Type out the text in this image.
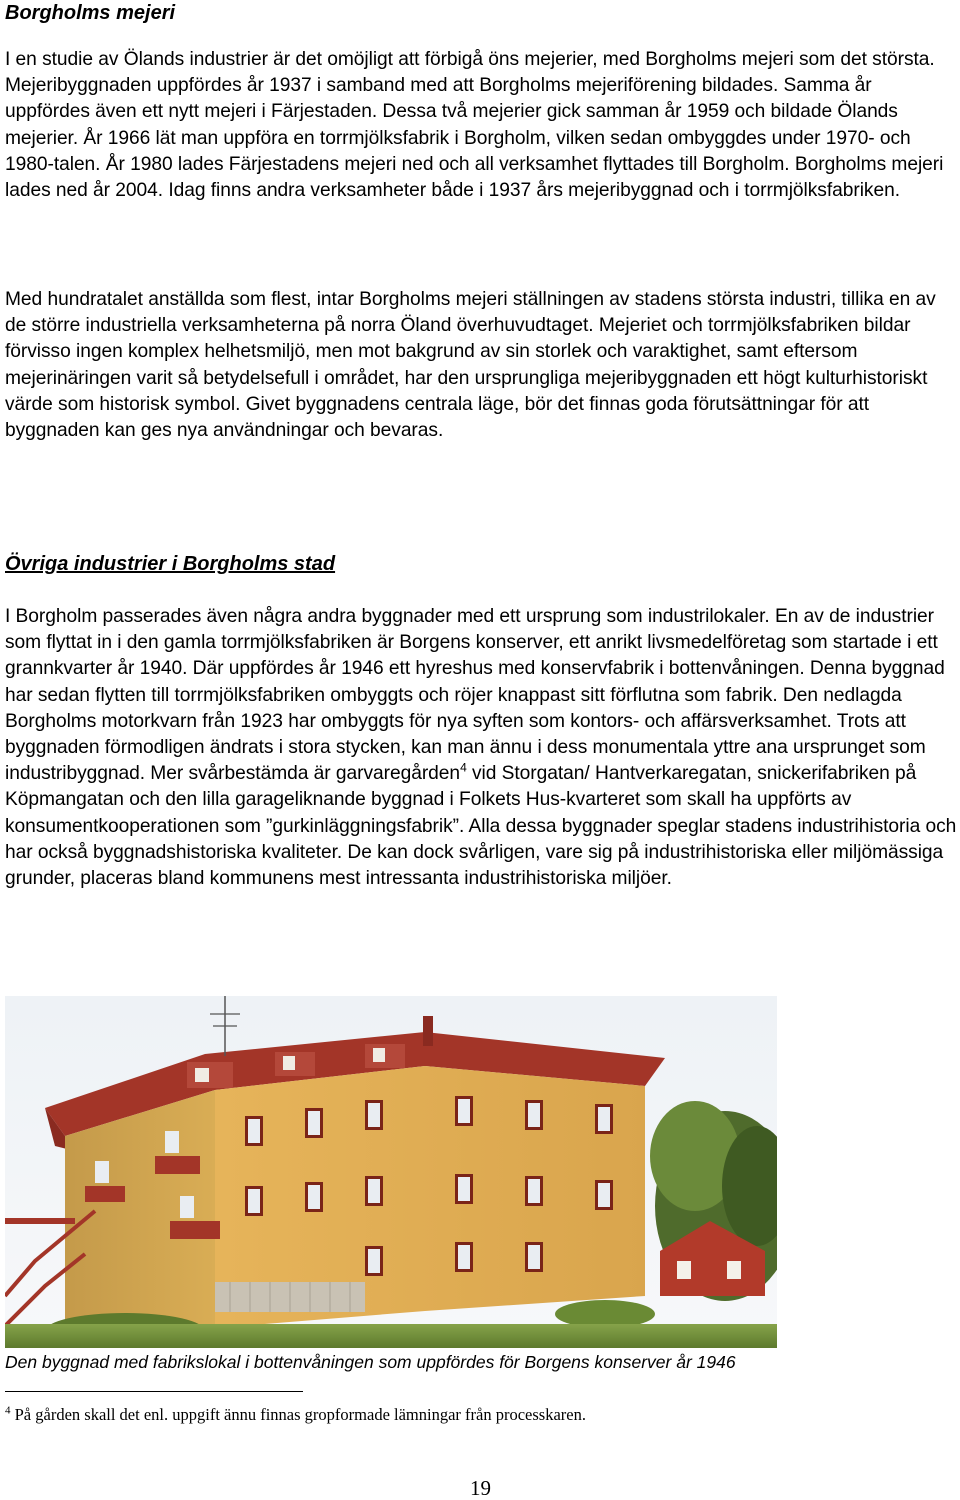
Borgholms mejeri

I en studie av Ölands industrier är det omöjligt att förbigå öns mejerier, med Borgholms mejeri som det största. Mejeribyggnaden uppfördes år 1937 i samband med att Borgholms mejeriförening bildades. Samma år uppfördes även ett nytt mejeri i Färjestaden. Dessa två mejerier gick samman år 1959 och bildade Ölands mejerier. År 1966 lät man uppföra en torrmjölksfabrik i Borgholm, vilken sedan ombyggdes under 1970- och 1980-talen. År 1980 lades Färjestadens mejeri ned och all verksamhet flyttades till Borgholm. Borgholms mejeri lades ned år 2004. Idag finns andra verksamheter både i 1937 års mejeribyggnad och i torrmjölksfabriken.

Med hundratalet anställda som flest, intar Borgholms mejeri ställningen av stadens största industri, tillika en av de större industriella verksamheterna på norra Öland överhuvudtaget. Mejeriet och torrmjölksfabriken bildar förvisso ingen komplex helhetsmiljö, men mot bakgrund av sin storlek och varaktighet, samt eftersom mejerinäringen varit så betydelsefull i området, har den ursprungliga mejeribyggnaden ett högt kulturhistoriskt värde som historisk symbol. Givet byggnadens centrala läge, bör det finnas goda förutsättningar för att byggnaden kan ges nya användningar och bevaras.

Övriga industrier i Borgholms stad

I Borgholm passerades även några andra byggnader med ett ursprung som industrilokaler. En av de industrier som flyttat in i den gamla torrmjölksfabriken är Borgens konserver, ett anrikt livsmedelföretag som startade i ett grannkvarter år 1940. Där uppfördes år 1946 ett hyreshus med konservfabrik i bottenvåningen. Denna byggnad har sedan flytten till torrmjölksfabriken ombyggts och röjer knappast sitt förflutna som fabrik. Den nedlagda Borgholms motorkvarn från 1923 har ombyggts för nya syften som kontors- och affärsverksamhet. Trots att byggnaden förmodligen ändrats i stora stycken, kan man ännu i dess monumentala yttre ana ursprunget som industribyggnad. Mer svårbestämda är garvaregården$^4$ vid Storgatan/ Hantverkaregatan, snickerifabriken på Köpmangatan och den lilla garageliknande byggnad i Folkets Hus-kvarteret som skall ha uppförts av konsumentkooperationen som ”gurkinläggningsfabrik”. Alla dessa byggnader speglar stadens industrihistoria och har också byggnadshistoriska kvaliteter. De kan dock svårligen, vare sig på industrihistoriska eller miljömässiga grunder, placeras bland kommunens mest intressanta industrihistoriska miljöer.

Den byggnad med fabrikslokal i bottenvåningen som uppfördes för Borgens konserver år 1946

$^4$ På gården skall det enl. uppgift ännu finnas gropformade lämningar från processkaren.

19
